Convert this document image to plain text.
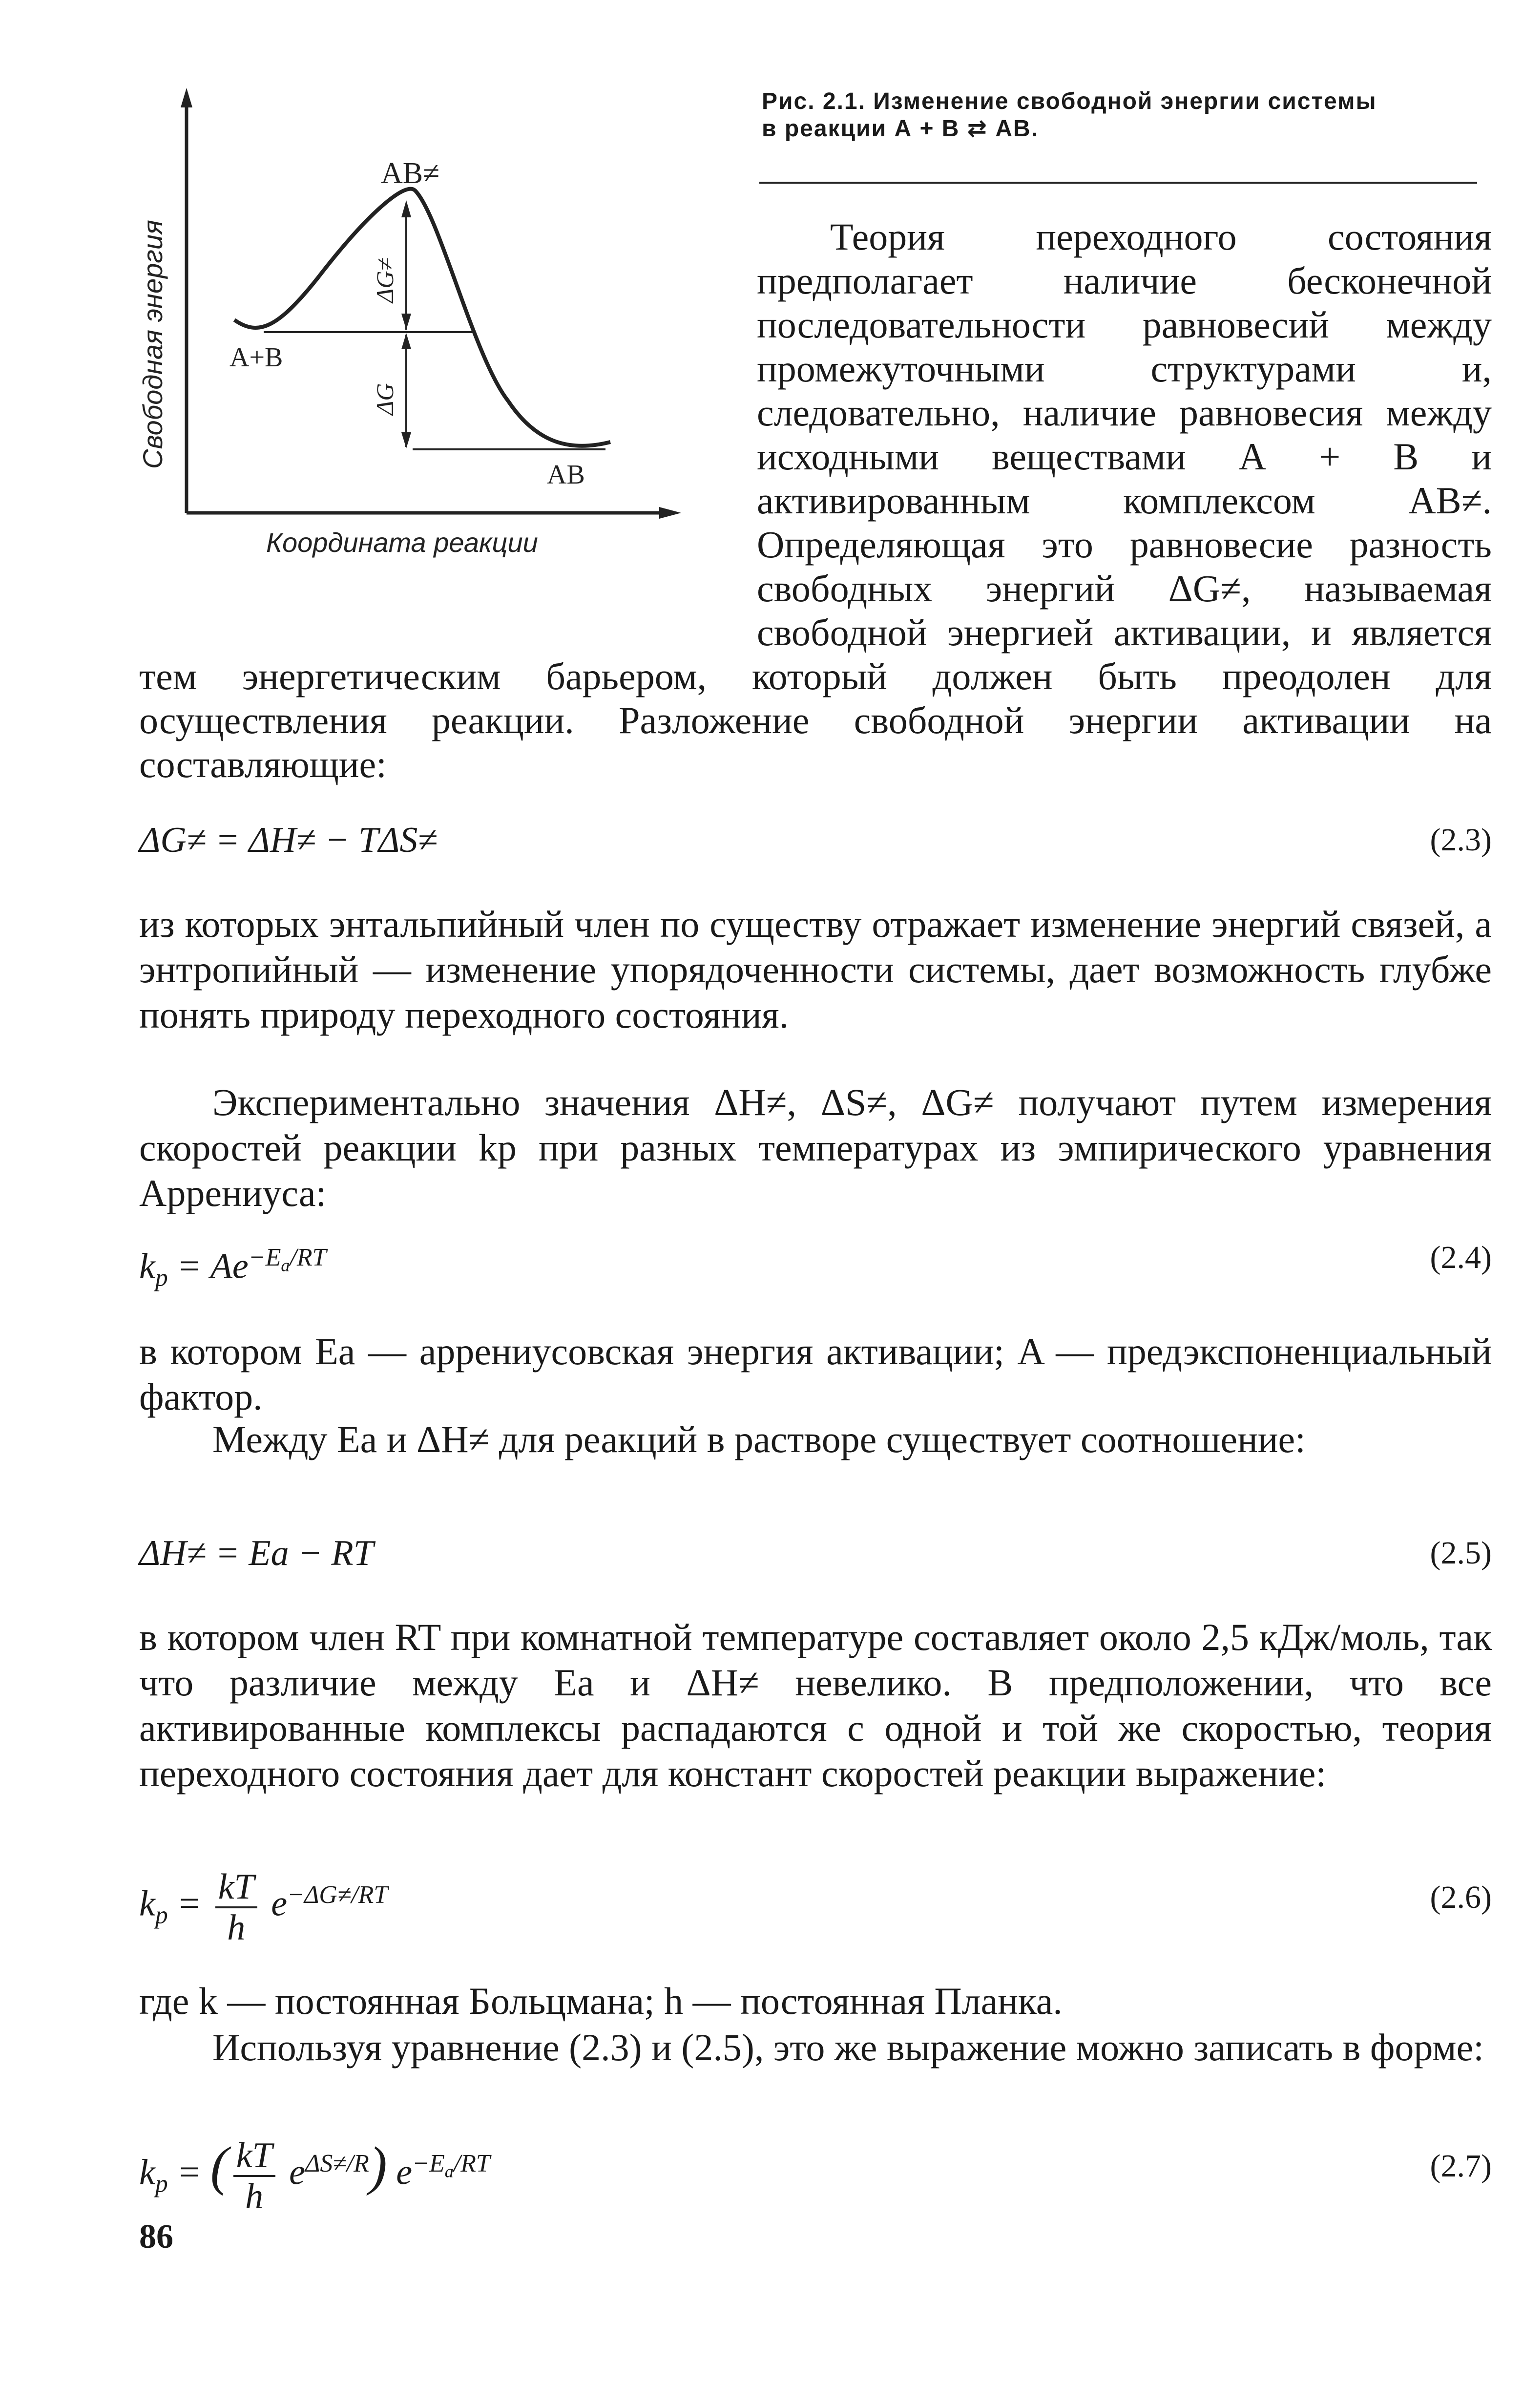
Свободная энергия
АВ≠
А+В
АВ
ΔG≠
ΔG
Координата реакции
Рис. 2.1. Изменение свободной энергии системы
в реакции А + В ⇄ АВ.
Теория переходного состояния предполагает наличие бесконечной последовательности равновесий между промежуточными структурами и, следовательно, наличие равновесия между исходными веществами А + В и активированным комплексом АВ≠. Определяющая это равновесие разность свободных энергий ΔG≠, называемая свободной энергией активации, и является тем энергетическим барьером, который должен быть преодолен для осуществления реакции. Разложение свободной энергии активации на составляющие:
ΔG≠ = ΔH≠ − TΔS≠	(2.3)
из которых энтальпийный член по существу отражает изменение энергий связей, а энтропийный — изменение упорядоченности системы, дает возможность глубже понять природу переходного состояния.
Экспериментально значения ΔH≠, ΔS≠, ΔG≠ получают путем измерения скоростей реакции kр при разных температурах из эмпирического уравнения Аррениуса:
$k_р = Ae^{-E_а/RT}$	(2.4)
в котором Eа — аррениусовская энергия активации; A — предэкспоненциальный фактор.
Между Eа и ΔH≠ для реакций в растворе существует соотношение:
ΔH≠ = Eа − RT	(2.5)
в котором член RT при комнатной температуре составляет около 2,5 кДж/моль, так что различие между Eа и ΔH≠ невелико. В предположении, что все активированные комплексы распадаются с одной и той же скоростью, теория переходного состояния дает для констант скоростей реакции выражение:
$k_р = \frac{kT}{h} e^{-\Delta G\ne/RT}$	(2.6)
где k — постоянная Больцмана; h — постоянная Планка.
Используя уравнение (2.3) и (2.5), это же выражение можно записать в форме:
$k_р$ = ( $\frac{kT}{h} e^{\Delta S\ne/R}$) $e^{-E_а/RT}$	(2.7)
86
